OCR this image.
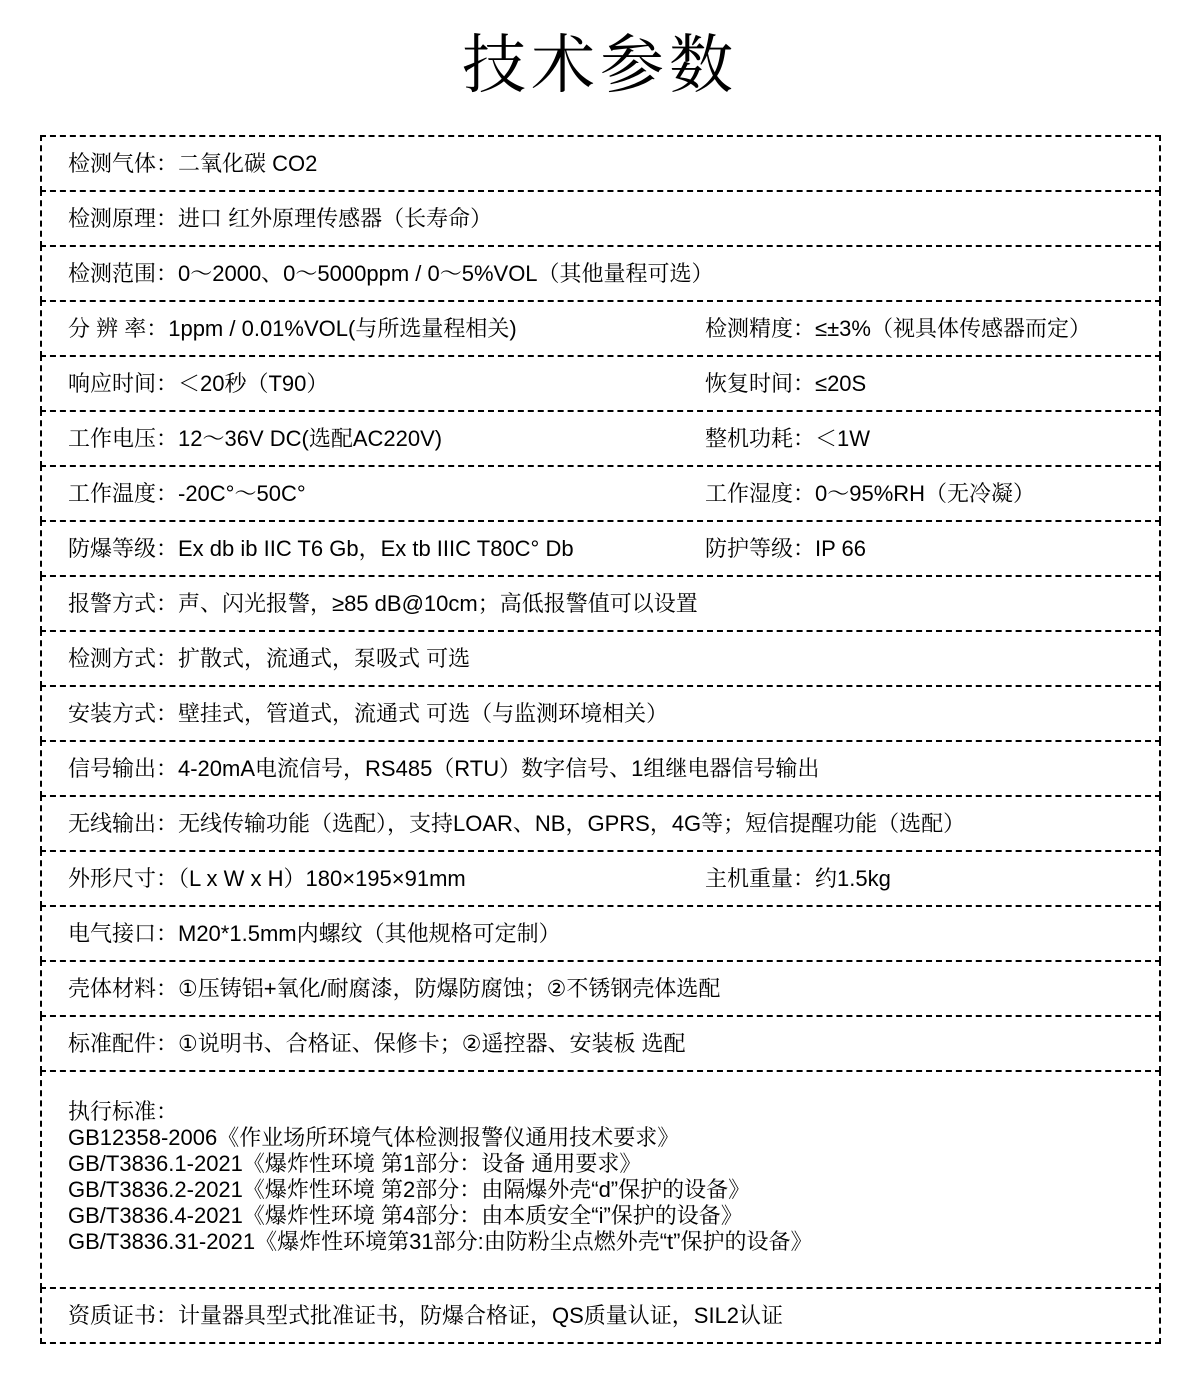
技术参数
检测气体：二氧化碳 CO2
检测原理：进口 红外原理传感器（长寿命）
检测范围：0～2000、0～5000ppm / 0～5%VOL（其他量程可选）
分 辨 率：1ppm / 0.01%VOL(与所选量程相关)	检测精度：≤±3%（视具体传感器而定）
响应时间：＜20秒（T90）	恢复时间：≤20S
工作电压：12～36V DC(选配AC220V)	整机功耗：＜1W
工作温度：-20C°～50C°	工作湿度：0～95%RH（无冷凝）
防爆等级：Ex db ib IIC T6 Gb，Ex tb IIIC T80C° Db	防护等级：IP 66
报警方式：声、闪光报警，≥85 dB@10cm；高低报警值可以设置
检测方式：扩散式，流通式，泵吸式 可选
安装方式：壁挂式，管道式，流通式 可选（与监测环境相关）
信号输出：4-20mA电流信号，RS485（RTU）数字信号、1组继电器信号输出
无线输出：无线传输功能（选配），支持LOAR、NB，GPRS，4G等；短信提醒功能（选配）
外形尺寸：（L x W x H）180×195×91mm	主机重量：约1.5kg
电气接口：M20*1.5mm内螺纹（其他规格可定制）
壳体材料：①压铸铝+氧化/耐腐漆，防爆防腐蚀；②不锈钢壳体选配
标准配件：①说明书、合格证、保修卡；②遥控器、安装板 选配
执行标准：
GB12358-2006《作业场所环境气体检测报警仪通用技术要求》
GB/T3836.1-2021《爆炸性环境 第1部分：设备 通用要求》
GB/T3836.2-2021《爆炸性环境 第2部分：由隔爆外壳“d”保护的设备》
GB/T3836.4-2021《爆炸性环境 第4部分：由本质安全“i”保护的设备》
GB/T3836.31-2021《爆炸性环境第31部分:由防粉尘点燃外壳“t”保护的设备》
资质证书：计量器具型式批准证书，防爆合格证，QS质量认证，SIL2认证
